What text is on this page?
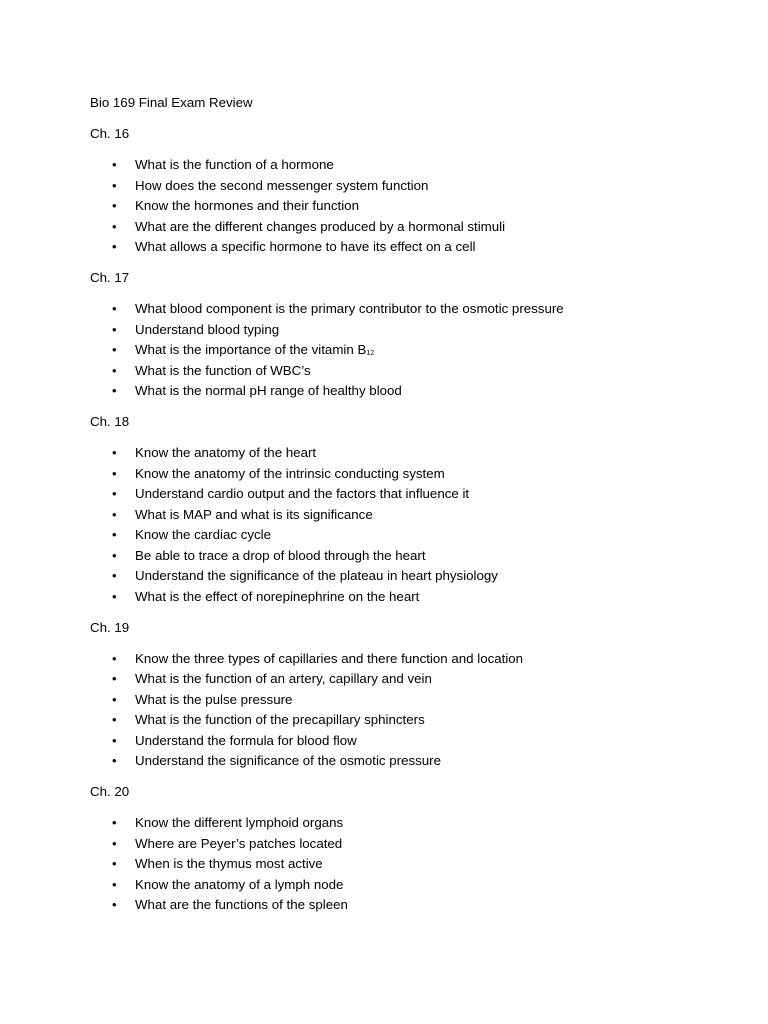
Bio 169 Final Exam Review
Ch. 16
• What is the function of a hormone
• How does the second messenger system function
• Know the hormones and their function
• What are the different changes produced by a hormonal stimuli
• What allows a specific hormone to have its effect on a cell
Ch. 17
• What blood component is the primary contributor to the osmotic pressure
• Understand blood typing
• What is the importance of the vitamin $B_{12}$
• What is the function of WBC’s
• What is the normal pH range of healthy blood
Ch. 18
• Know the anatomy of the heart
• Know the anatomy of the intrinsic conducting system
• Understand cardio output and the factors that influence it
• What is MAP and what is its significance
• Know the cardiac cycle
• Be able to trace a drop of blood through the heart
• Understand the significance of the plateau in heart physiology
• What is the effect of norepinephrine on the heart
Ch. 19
• Know the three types of capillaries and there function and location
• What is the function of an artery, capillary and vein
• What is the pulse pressure
• What is the function of the precapillary sphincters
• Understand the formula for blood flow
• Understand the significance of the osmotic pressure
Ch. 20
• Know the different lymphoid organs
• Where are Peyer’s patches located
• When is the thymus most active
• Know the anatomy of a lymph node
• What are the functions of the spleen
